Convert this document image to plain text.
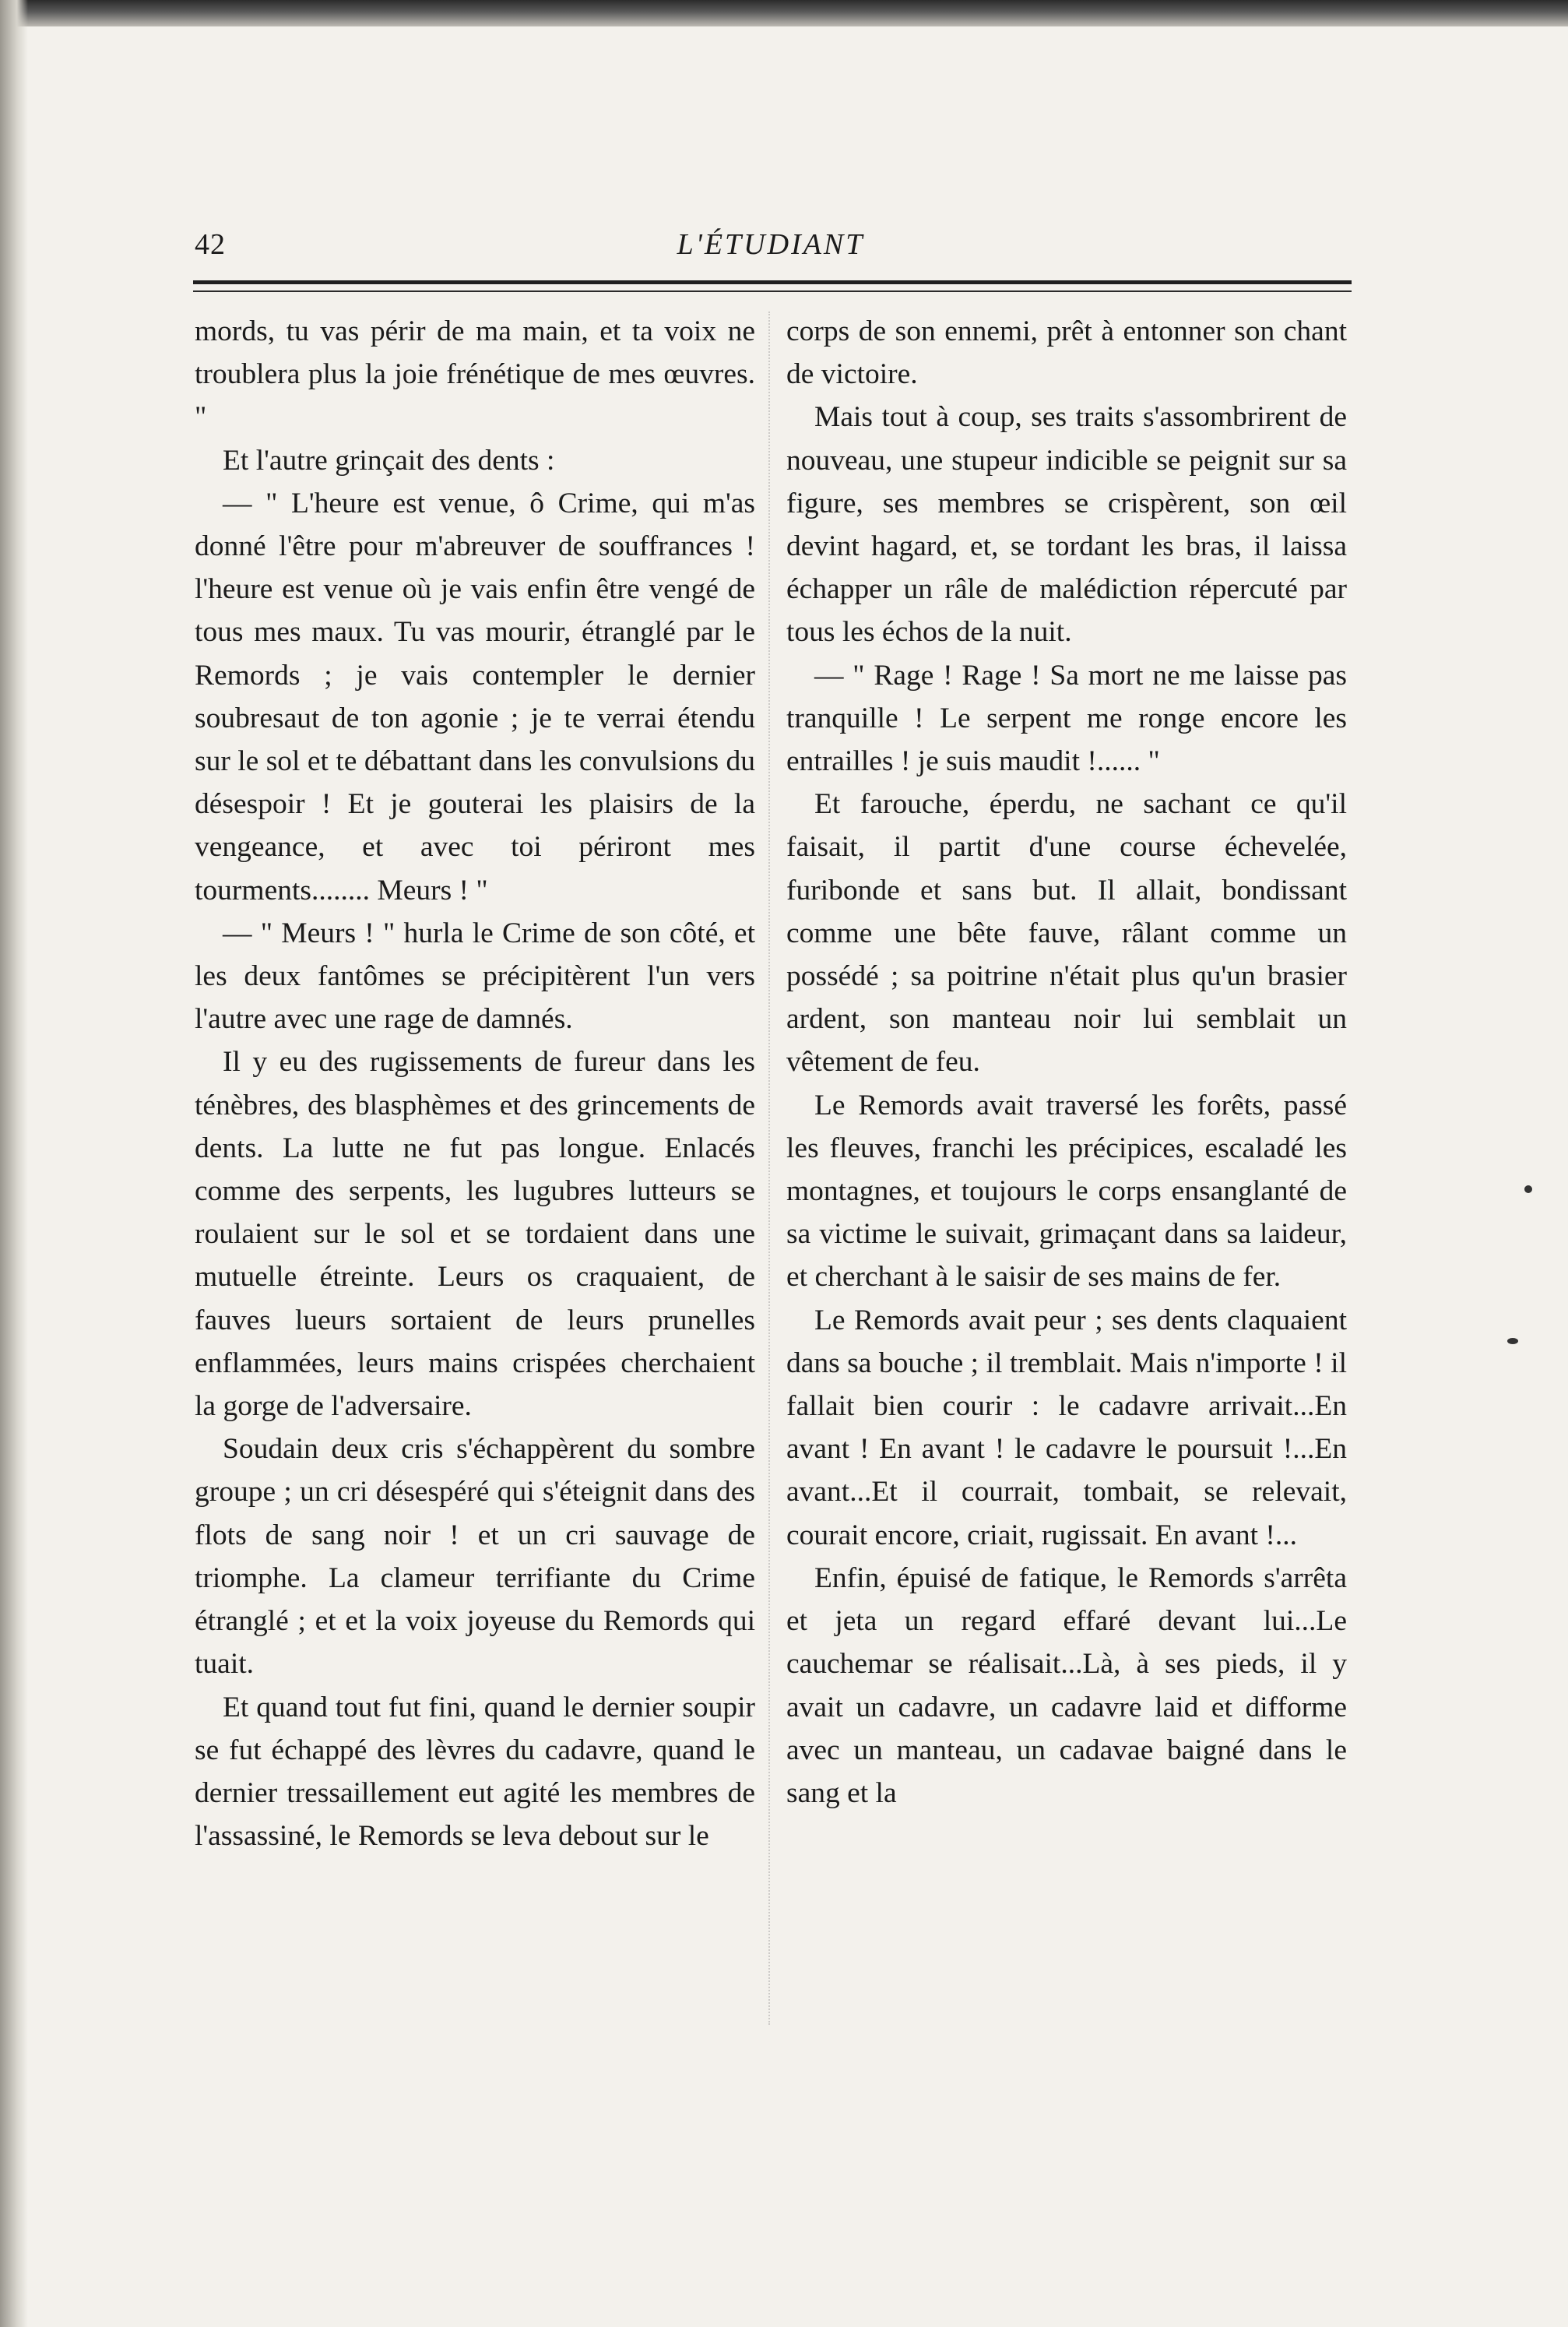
42	L'ÉTUDIANT

mords, tu vas périr de ma main, et ta voix ne troublera plus la joie frénétique de mes œuvres. "

Et l'autre grinçait des dents :

— " L'heure est venue, ô Crime, qui m'as donné l'être pour m'abreuver de souffrances ! l'heure est venue où je vais enfin être vengé de tous mes maux. Tu vas mourir, étranglé par le Remords ; je vais contempler le dernier soubresaut de ton agonie ; je te verrai étendu sur le sol et te débattant dans les convulsions du désespoir ! Et je gouterai les plaisirs de la vengeance, et avec toi périront mes tourments........ Meurs ! "

— " Meurs ! " hurla le Crime de son côté, et les deux fantômes se précipitèrent l'un vers l'autre avec une rage de damnés.

Il y eu des rugissements de fureur dans les ténèbres, des blasphèmes et des grincements de dents. La lutte ne fut pas longue. Enlacés comme des serpents, les lugubres lutteurs se roulaient sur le sol et se tordaient dans une mutuelle étreinte. Leurs os craquaient, de fauves lueurs sortaient de leurs prunelles enflammées, leurs mains crispées cherchaient la gorge de l'adversaire.

Soudain deux cris s'échappèrent du sombre groupe ; un cri désespéré qui s'éteignit dans des flots de sang noir ! et un cri sauvage de triomphe. La clameur terrifiante du Crime étranglé ; et et la voix joyeuse du Remords qui tuait.

Et quand tout fut fini, quand le dernier soupir se fut échappé des lèvres du cadavre, quand le dernier tressaillement eut agité les membres de l'assassiné, le Remords se leva debout sur le

corps de son ennemi, prêt à entonner son chant de victoire.

Mais tout à coup, ses traits s'assombrirent de nouveau, une stupeur indicible se peignit sur sa figure, ses membres se crispèrent, son œil devint hagard, et, se tordant les bras, il laissa échapper un râle de malédiction répercuté par tous les échos de la nuit.

— " Rage ! Rage ! Sa mort ne me laisse pas tranquille ! Le serpent me ronge encore les entrailles ! je suis maudit !...... "

Et farouche, éperdu, ne sachant ce qu'il faisait, il partit d'une course échevelée, furibonde et sans but. Il allait, bondissant comme une bête fauve, râlant comme un possédé ; sa poitrine n'était plus qu'un brasier ardent, son manteau noir lui semblait un vêtement de feu.

Le Remords avait traversé les forêts, passé les fleuves, franchi les précipices, escaladé les montagnes, et toujours le corps ensanglanté de sa victime le suivait, grimaçant dans sa laideur, et cherchant à le saisir de ses mains de fer.

Le Remords avait peur ; ses dents claquaient dans sa bouche ; il tremblait. Mais n'importe ! il fallait bien courir : le cadavre arrivait...En avant ! En avant ! le cadavre le poursuit !...En avant...Et il courrait, tombait, se relevait, courait encore, criait, rugissait. En avant !...

Enfin, épuisé de fatique, le Remords s'arrêta et jeta un regard effaré devant lui...Le cauchemar se réalisait...Là, à ses pieds, il y avait un cadavre, un cadavre laid et difforme avec un manteau, un cadavae baigné dans le sang et la
